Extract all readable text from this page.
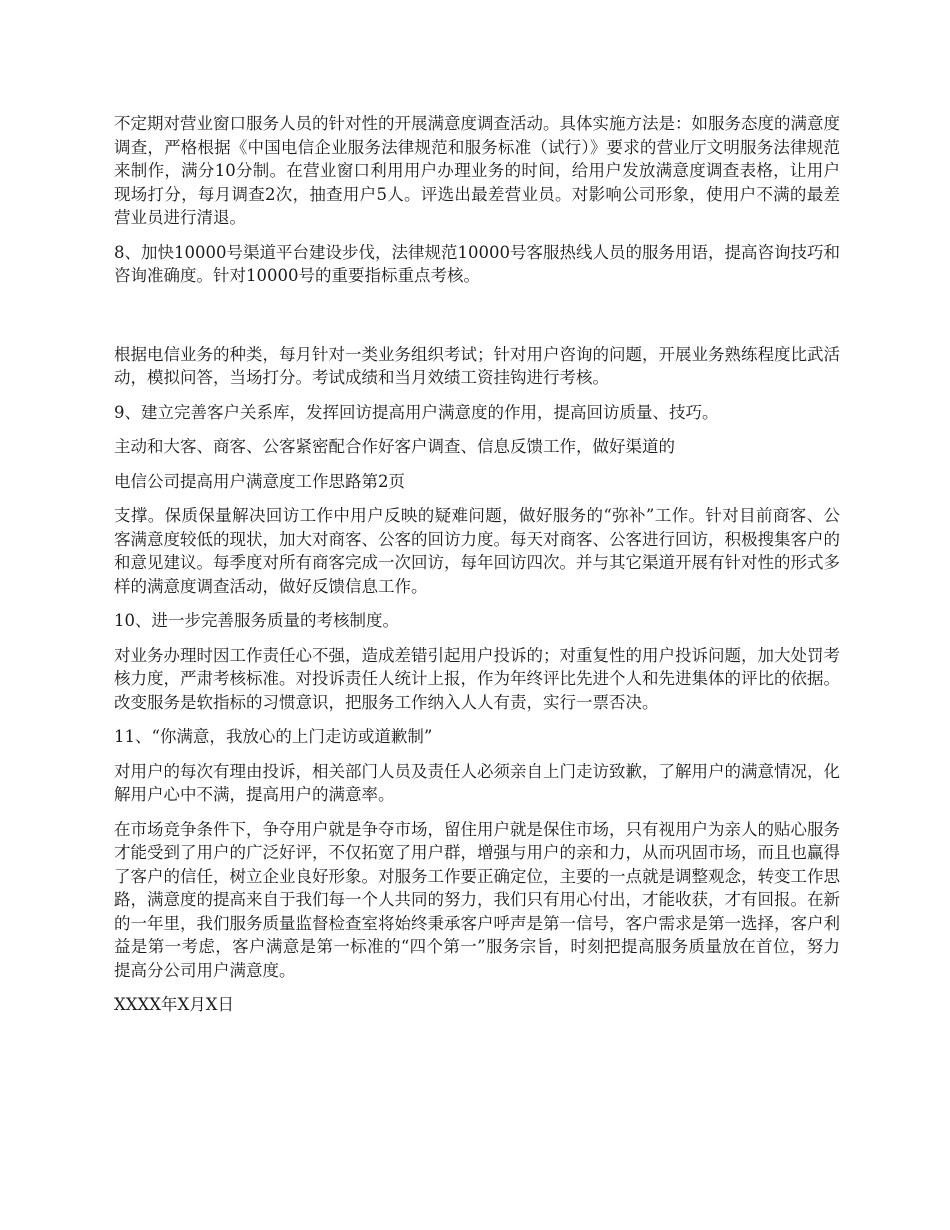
不定期对营业窗口服务人员的针对性的开展满意度调查活动。具体实施方法是：如服务态度的满意度调查，严格根据《中国电信企业服务法律规范和服务标准（试行）》要求的营业厅文明服务法律规范来制作，满分10分制。在营业窗口利用用户办理业务的时间，给用户发放满意度调查表格，让用户现场打分，每月调查2次，抽查用户5人。评选出最差营业员。对影响公司形象，使用户不满的最差营业员进行清退。

8、加快10000号渠道平台建设步伐，法律规范10000号客服热线人员的服务用语，提高咨询技巧和咨询准确度。针对10000号的重要指标重点考核。

根据电信业务的种类，每月针对一类业务组织考试；针对用户咨询的问题，开展业务熟练程度比武活动，模拟问答，当场打分。考试成绩和当月效绩工资挂钩进行考核。

9、建立完善客户关系库，发挥回访提高用户满意度的作用，提高回访质量、技巧。

主动和大客、商客、公客紧密配合作好客户调查、信息反馈工作，做好渠道的

电信公司提高用户满意度工作思路第2页

支撑。保质保量解决回访工作中用户反映的疑难问题，做好服务的“弥补”工作。针对目前商客、公客满意度较低的现状，加大对商客、公客的回访力度。每天对商客、公客进行回访，积极搜集客户的和意见建议。每季度对所有商客完成一次回访，每年回访四次。并与其它渠道开展有针对性的形式多样的满意度调查活动，做好反馈信息工作。

10、进一步完善服务质量的考核制度。

对业务办理时因工作责任心不强，造成差错引起用户投诉的；对重复性的用户投诉问题，加大处罚考核力度，严肃考核标准。对投诉责任人统计上报，作为年终评比先进个人和先进集体的评比的依据。改变服务是软指标的习惯意识，把服务工作纳入人人有责，实行一票否决。

11、“你满意，我放心的上门走访或道歉制”

对用户的每次有理由投诉，相关部门人员及责任人必须亲自上门走访致歉，了解用户的满意情况，化解用户心中不满，提高用户的满意率。

在市场竞争条件下，争夺用户就是争夺市场，留住用户就是保住市场，只有视用户为亲人的贴心服务才能受到了用户的广泛好评，不仅拓宽了用户群，增强与用户的亲和力，从而巩固市场，而且也赢得了客户的信任，树立企业良好形象。对服务工作要正确定位，主要的一点就是调整观念，转变工作思路，满意度的提高来自于我们每一个人共同的努力，我们只有用心付出，才能收获，才有回报。在新的一年里，我们服务质量监督检查室将始终秉承客户呼声是第一信号，客户需求是第一选择，客户利益是第一考虑，客户满意是第一标准的“四个第一”服务宗旨，时刻把提高服务质量放在首位，努力提高分公司用户满意度。

XXXX年X月X日
